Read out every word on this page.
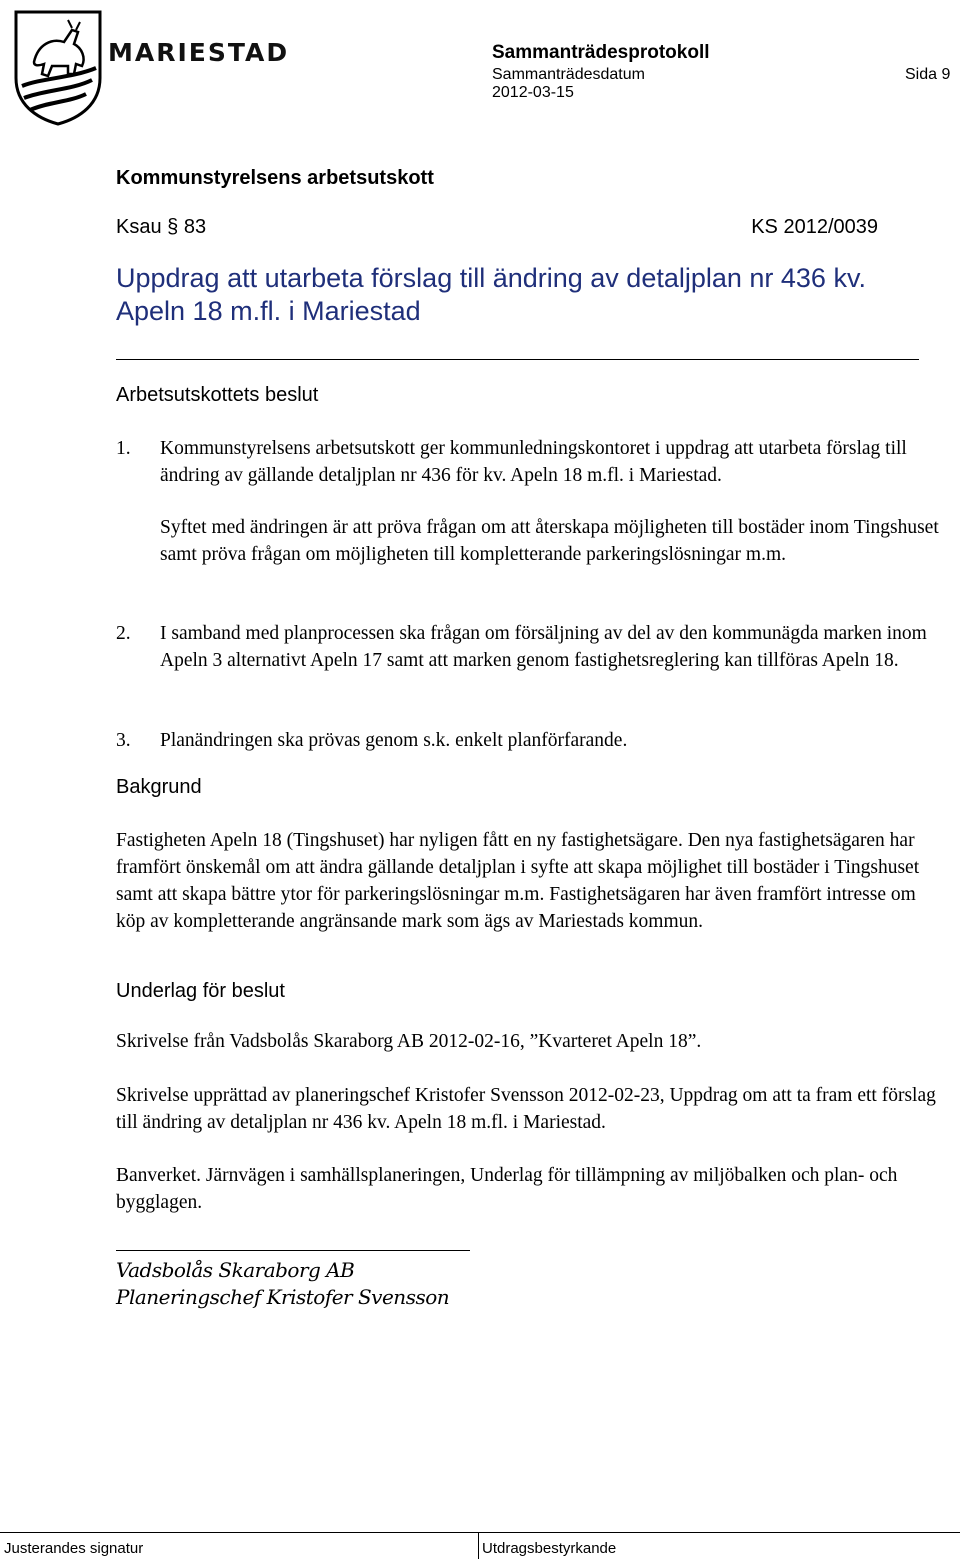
MARIESTAD	Sammanträdesprotokoll
Sammanträdesdatum	Sida 9
2012-03-15
Kommunstyrelsens arbetsutskott
Ksau § 83	KS 2012/0039
Uppdrag att utarbeta förslag till ändring av detaljplan nr 436 kv. Apeln 18 m.fl. i Mariestad
Arbetsutskottets beslut
1. Kommunstyrelsens arbetsutskott ger kommunledningskontoret i uppdrag att utarbeta förslag till ändring av gällande detaljplan nr 436 för kv. Apeln 18 m.fl. i Mariestad.
Syftet med ändringen är att pröva frågan om att återskapa möjligheten till bostäder inom Tingshuset samt pröva frågan om möjligheten till kompletterande parkeringslösningar m.m.
2. I samband med planprocessen ska frågan om försäljning av del av den kommunägda marken inom Apeln 3 alternativt Apeln 17 samt att marken genom fastighetsreglering kan tillföras Apeln 18.
3. Planändringen ska prövas genom s.k. enkelt planförfarande.
Bakgrund
Fastigheten Apeln 18 (Tingshuset) har nyligen fått en ny fastighetsägare. Den nya fastighetsägaren har framfört önskemål om att ändra gällande detaljplan i syfte att skapa möjlighet till bostäder i Tingshuset samt att skapa bättre ytor för parkeringslösningar m.m. Fastighetsägaren har även framfört intresse om köp av kompletterande angränsande mark som ägs av Mariestads kommun.
Underlag för beslut
Skrivelse från Vadsbolås Skaraborg AB 2012-02-16, ”Kvarteret Apeln 18”.
Skrivelse upprättad av planeringschef Kristofer Svensson 2012-02-23, Uppdrag om att ta fram ett förslag till ändring av detaljplan nr 436 kv. Apeln 18 m.fl. i Mariestad.
Banverket. Järnvägen i samhällsplaneringen, Underlag för tillämpning av miljöbalken och plan- och bygglagen.
Vadsbolås Skaraborg AB
Planeringschef Kristofer Svensson
Justerandes signatur	Utdragsbestyrkande
